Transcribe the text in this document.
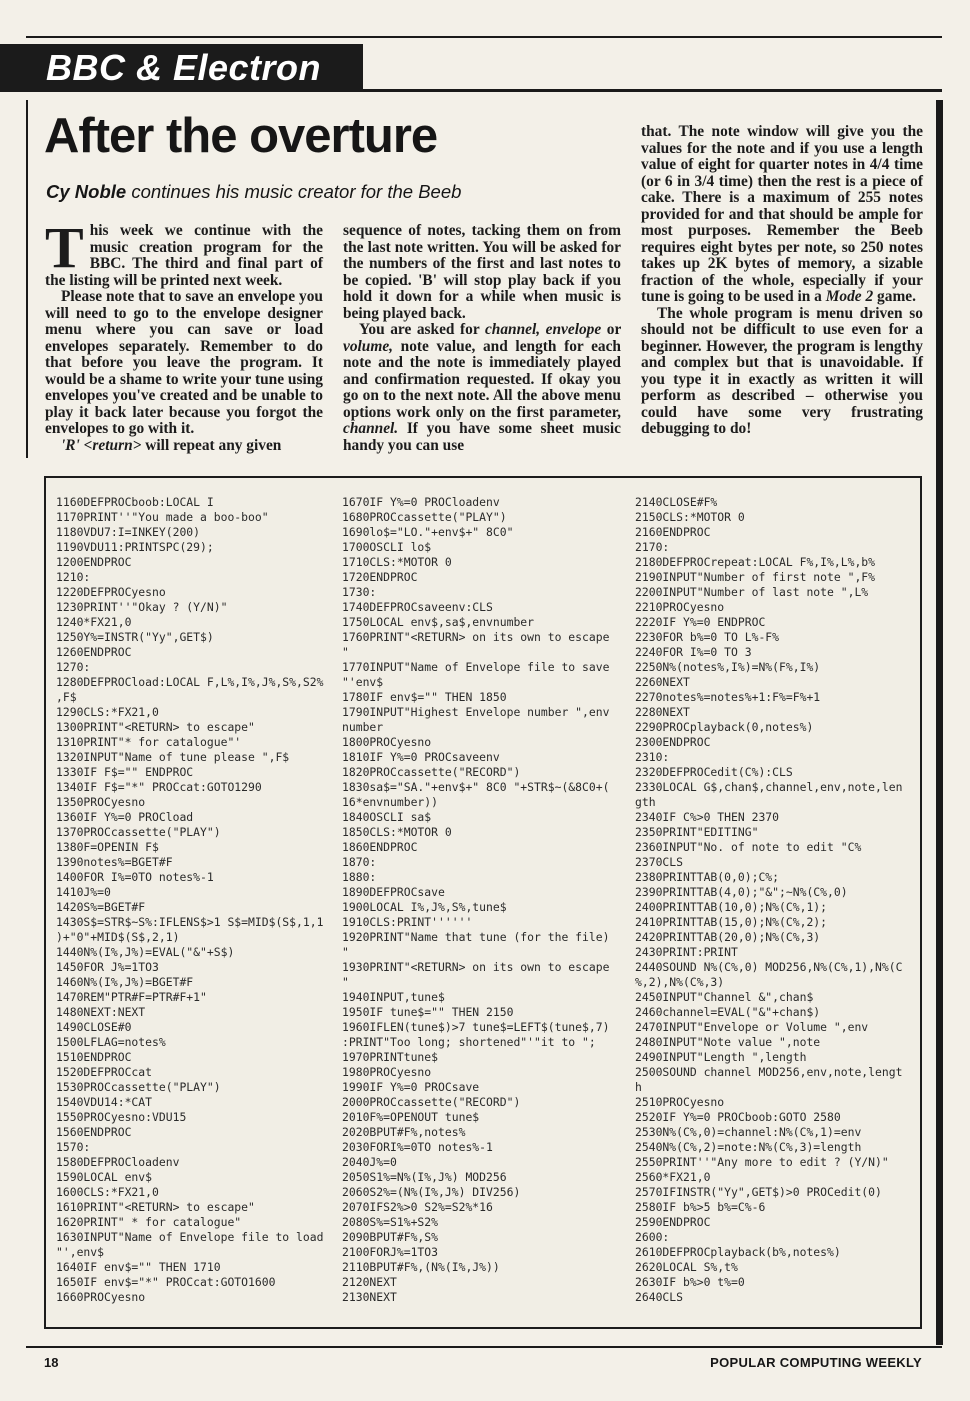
BBC & Electron
After the overture
Cy Noble continues his music creator for the Beeb

This week we continue with the music creation program for the BBC. The third and final part of the listing will be printed next week.

Please note that to save an envelope you will need to go to the envelope designer menu where you can save or load envelopes separately. Remember to do that before you leave the program. It would be a shame to write your tune using envelopes you've created and be unable to play it back later because you forgot the envelopes to go with it.

'R' <return> will repeat any given

sequence of notes, tacking them on from the last note written. You will be asked for the numbers of the first and last notes to be copied. 'B' will stop play back if you hold it down for a while when music is being played back.

You are asked for channel, envelope or volume, note value, and length for each note and the note is immediately played and confirmation requested. If okay you go on to the next note. All the above menu options work only on the first parameter, channel. If you have some sheet music handy you can use

that. The note window will give you the values for the note and if you use a length value of eight for quarter notes in 4/4 time (or 6 in 3/4 time) then the rest is a piece of cake. There is a maximum of 255 notes provided for and that should be ample for most purposes. Remember the Beeb requires eight bytes per note, so 250 notes takes up 2K bytes of memory, a sizable fraction of the whole, especially if your tune is going to be used in a Mode 2 game.

The whole program is menu driven so should not be difficult to use even for a beginner. However, the program is lengthy and complex but that is unavoidable. If you type it in exactly as written it will perform as described – otherwise you could have some very frustrating debugging to do!

1160DEFPROCboob:LOCAL I
1170PRINT''"You made a boo-boo"
1180VDU7:I=INKEY(200)
1190VDU11:PRINTSPC(29);
1200ENDPROC
1210:
1220DEFPROCyesno
1230PRINT''"Okay ? (Y/N)"
1240*FX21,0
1250Y%=INSTR("Yy",GET$)
1260ENDPROC
1270:
1280DEFPROCload:LOCAL F,L%,I%,J%,S%,S2%
,F$
1290CLS:*FX21,0
1300PRINT"<RETURN> to escape"
1310PRINT"* for catalogue"'
1320INPUT"Name of tune please ",F$
1330IF F$="" ENDPROC
1340IF F$="*" PROCcat:GOTO1290
1350PROCyesno
1360IF Y%=0 PROCload
1370PROCcassette("PLAY")
1380F=OPENIN F$
1390notes%=BGET#F
1400FOR I%=0TO notes%-1
1410J%=0
1420S%=BGET#F
1430S$=STR$~S%:IFLENS$>1 S$=MID$(S$,1,1
)+"0"+MID$(S$,2,1)
1440N%(I%,J%)=EVAL("&"+S$)
1450FOR J%=1TO3
1460N%(I%,J%)=BGET#F
1470REM"PTR#F=PTR#F+1"
1480NEXT:NEXT
1490CLOSE#0
1500LFLAG=notes%
1510ENDPROC
1520DEFPROCcat
1530PROCcassette("PLAY")
1540VDU14:*CAT
1550PROCyesno:VDU15
1560ENDPROC
1570:
1580DEFPROCloadenv
1590LOCAL env$
1600CLS:*FX21,0
1610PRINT"<RETURN> to escape"
1620PRINT" * for catalogue"
1630INPUT"Name of Envelope file to load
"',env$
1640IF env$="" THEN 1710
1650IF env$="*" PROCcat:GOTO1600
1660PROCyesno
1670IF Y%=0 PROCloadenv
1680PROCcassette("PLAY")
1690lo$="LO."+env$+" 8C0"
1700OSCLI lo$
1710CLS:*MOTOR 0
1720ENDPROC
1730:
1740DEFPROCsaveenv:CLS
1750LOCAL env$,sa$,envnumber
1760PRINT"<RETURN> on its own to escape
"
1770INPUT"Name of Envelope file to save
"'env$
1780IF env$="" THEN 1850
1790INPUT"Highest Envelope number ",env
number
1800PROCyesno
1810IF Y%=0 PROCsaveenv
1820PROCcassette("RECORD")
1830sa$="SA."+env$+" 8C0 "+STR$~(&8C0+(
16*envnumber))
1840OSCLI sa$
1850CLS:*MOTOR 0
1860ENDPROC
1870:
1880:
1890DEFPROCsave
1900LOCAL I%,J%,S%,tune$
1910CLS:PRINT''''''
1920PRINT"Name that tune (for the file)
"
1930PRINT"<RETURN> on its own to escape
"
1940INPUT,tune$
1950IF tune$="" THEN 2150
1960IFLEN(tune$)>7 tune$=LEFT$(tune$,7)
:PRINT"Too long; shortened"'"it to ";
1970PRINTtune$
1980PROCyesno
1990IF Y%=0 PROCsave
2000PROCcassette("RECORD")
2010F%=OPENOUT tune$
2020BPUT#F%,notes%
2030FORI%=0TO notes%-1
2040J%=0
2050S1%=N%(I%,J%) MOD256
2060S2%=(N%(I%,J%) DIV256)
2070IFS2%>0 S2%=S2%*16
2080S%=S1%+S2%
2090BPUT#F%,S%
2100FORJ%=1TO3
2110BPUT#F%,(N%(I%,J%))
2120NEXT
2130NEXT
2140CLOSE#F%
2150CLS:*MOTOR 0
2160ENDPROC
2170:
2180DEFPROCrepeat:LOCAL F%,I%,L%,b%
2190INPUT"Number of first note ",F%
2200INPUT"Number of last note ",L%
2210PROCyesno
2220IF Y%=0 ENDPROC
2230FOR b%=0 TO L%-F%
2240FOR I%=0 TO 3
2250N%(notes%,I%)=N%(F%,I%)
2260NEXT
2270notes%=notes%+1:F%=F%+1
2280NEXT
2290PROCplayback(0,notes%)
2300ENDPROC
2310:
2320DEFPROCedit(C%):CLS
2330LOCAL G$,chan$,channel,env,note,len
gth
2340IF C%>0 THEN 2370
2350PRINT"EDITING"
2360INPUT"No. of note to edit "C%
2370CLS
2380PRINTTAB(0,0);C%;
2390PRINTTAB(4,0);"&";~N%(C%,0)
2400PRINTTAB(10,0);N%(C%,1);
2410PRINTTAB(15,0);N%(C%,2);
2420PRINTTAB(20,0);N%(C%,3)
2430PRINT:PRINT
2440SOUND N%(C%,0) MOD256,N%(C%,1),N%(C
%,2),N%(C%,3)
2450INPUT"Channel &",chan$
2460channel=EVAL("&"+chan$)
2470INPUT"Envelope or Volume ",env
2480INPUT"Note value ",note
2490INPUT"Length ",length
2500SOUND channel MOD256,env,note,lengt
h
2510PROCyesno
2520IF Y%=0 PROCboob:GOTO 2580
2530N%(C%,0)=channel:N%(C%,1)=env
2540N%(C%,2)=note:N%(C%,3)=length
2550PRINT''"Any more to edit ? (Y/N)"
2560*FX21,0
2570IFINSTR("Yy",GET$)>0 PROCedit(0)
2580IF b%>5 b%=C%-6
2590ENDPROC
2600:
2610DEFPROCplayback(b%,notes%)
2620LOCAL S%,t%
2630IF b%>0 t%=0
2640CLS
18	POPULAR COMPUTING WEEKLY
